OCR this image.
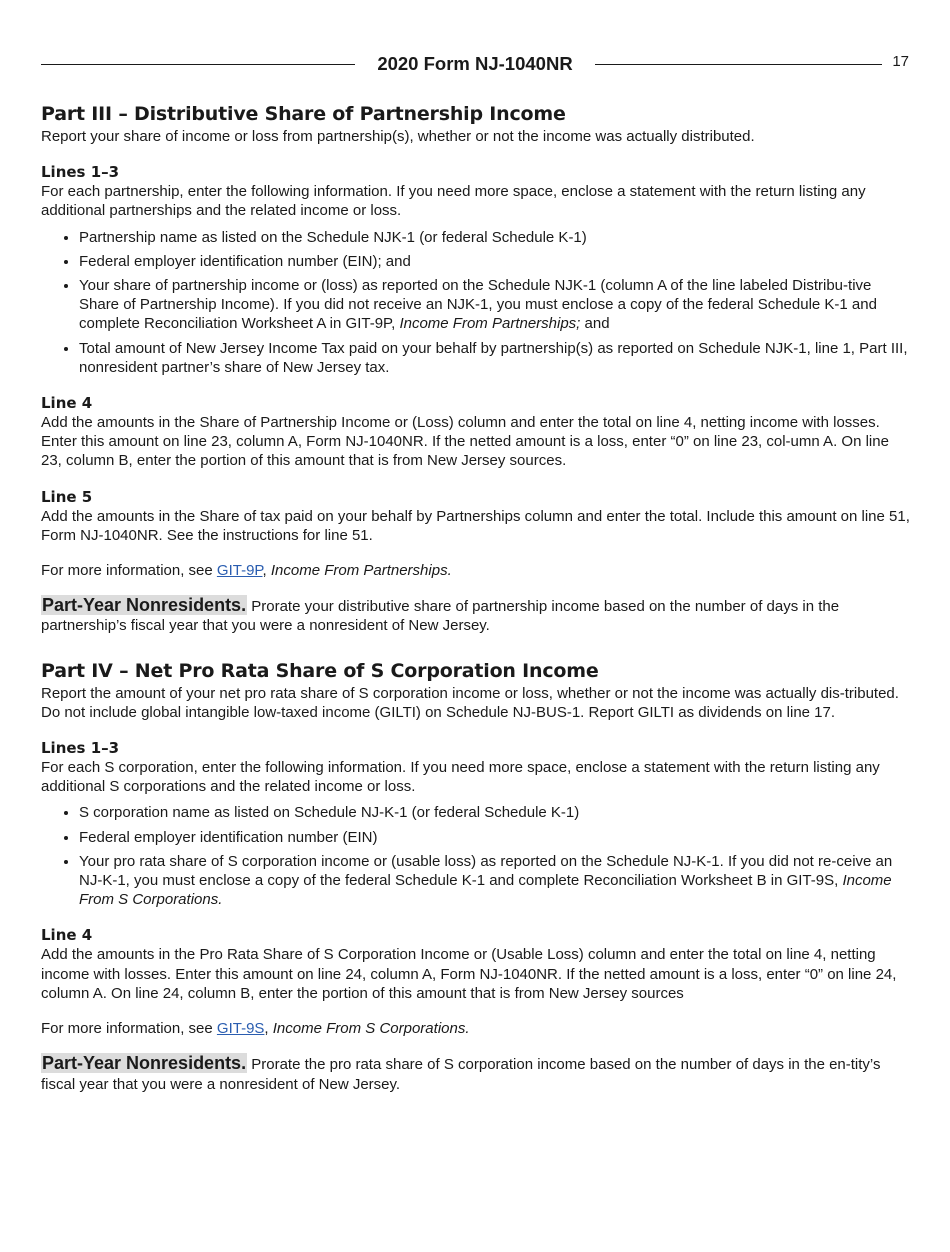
2020 Form NJ-1040NR	17
Part III – Distributive Share of Partnership Income

Report your share of income or loss from partnership(s), whether or not the income was actually distributed.

Lines 1–3

For each partnership, enter the following information. If you need more space, enclose a statement with the return listing any additional partnerships and the related income or loss.

• Partnership name as listed on the Schedule NJK-1 (or federal Schedule K-1)
• Federal employer identification number (EIN); and
• Your share of partnership income or (loss) as reported on the Schedule NJK-1 (column A of the line labeled Distribu-tive Share of Partnership Income). If you did not receive an NJK-1, you must enclose a copy of the federal Schedule K-1 and complete Reconciliation Worksheet A in GIT-9P, Income From Partnerships; and
• Total amount of New Jersey Income Tax paid on your behalf by partnership(s) as reported on Schedule NJK-1, line 1, Part III, nonresident partner’s share of New Jersey tax.
Line 4

Add the amounts in the Share of Partnership Income or (Loss) column and enter the total on line 4, netting income with losses. Enter this amount on line 23, column A, Form NJ-1040NR. If the netted amount is a loss, enter “0” on line 23, col-umn A. On line 23, column B, enter the portion of this amount that is from New Jersey sources.

Line 5

Add the amounts in the Share of tax paid on your behalf by Partnerships column and enter the total. Include this amount on line 51, Form NJ-1040NR. See the instructions for line 51.

For more information, see GIT-9P, Income From Partnerships.

Part-Year Nonresidents. Prorate your distributive share of partnership income based on the number of days in the partnership’s fiscal year that you were a nonresident of New Jersey.

Part IV – Net Pro Rata Share of S Corporation Income

Report the amount of your net pro rata share of S corporation income or loss, whether or not the income was actually dis-tributed. Do not include global intangible low-taxed income (GILTI) on Schedule NJ-BUS-1. Report GILTI as dividends on line 17.

Lines 1–3

For each S corporation, enter the following information. If you need more space, enclose a statement with the return listing any additional S corporations and the related income or loss.

• S corporation name as listed on Schedule NJ-K-1 (or federal Schedule K-1)
• Federal employer identification number (EIN)
• Your pro rata share of S corporation income or (usable loss) as reported on the Schedule NJ-K-1. If you did not re-ceive an NJ-K-1, you must enclose a copy of the federal Schedule K-1 and complete Reconciliation Worksheet B in GIT-9S, Income From S Corporations.
Line 4

Add the amounts in the Pro Rata Share of S Corporation Income or (Usable Loss) column and enter the total on line 4, netting income with losses. Enter this amount on line 24, column A, Form NJ-1040NR. If the netted amount is a loss, enter “0” on line 24, column A. On line 24, column B, enter the portion of this amount that is from New Jersey sources

For more information, see GIT-9S, Income From S Corporations.

Part-Year Nonresidents. Prorate the pro rata share of S corporation income based on the number of days in the en-tity’s fiscal year that you were a nonresident of New Jersey.
